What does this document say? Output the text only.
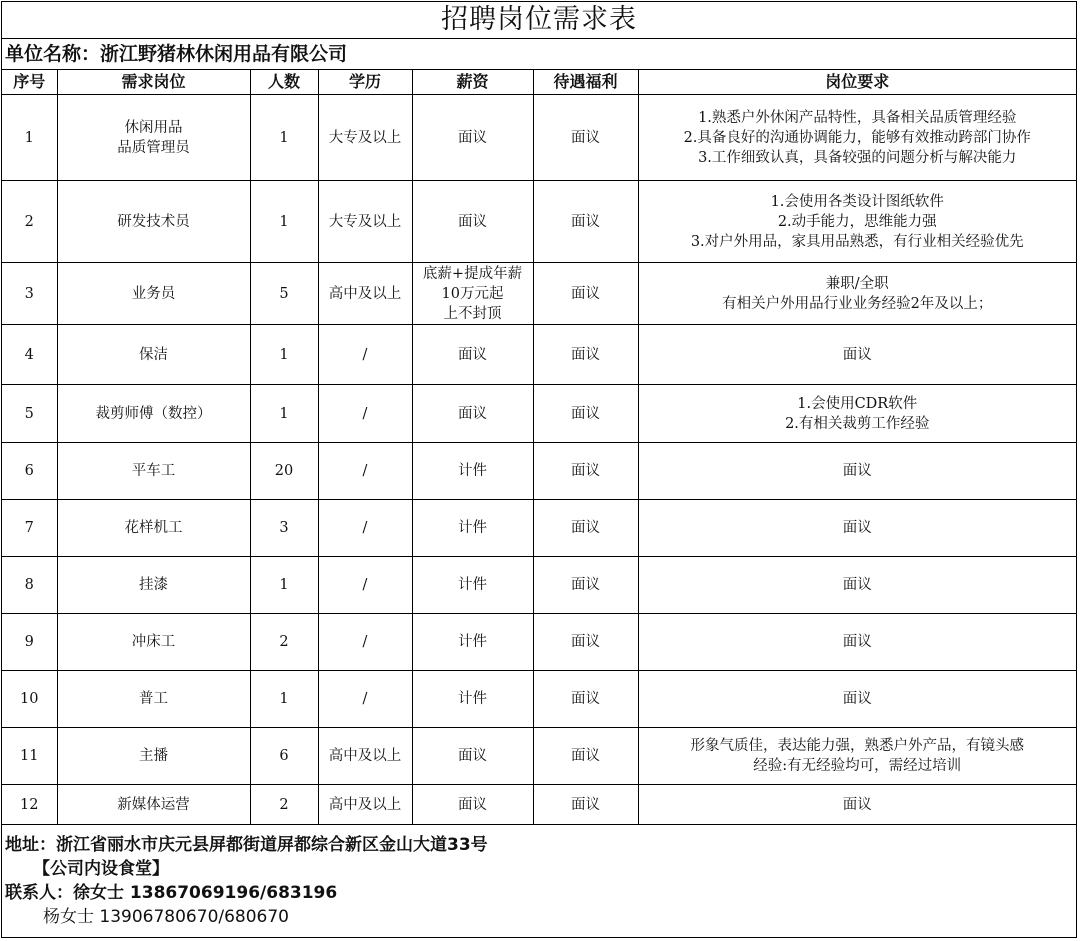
招聘岗位需求表
单位名称：浙江野猪林休闲用品有限公司
序号	需求岗位	人数	学历	薪资	待遇福利	岗位要求
1	休闲用品
品质管理员	1	大专及以上	面议	面议	1.熟悉户外休闲产品特性，具备相关品质管理经验
2.具备良好的沟通协调能力，能够有效推动跨部门协作
3.工作细致认真，具备较强的问题分析与解决能力

2	研发技术员	1	大专及以上	面议	面议	1.会使用各类设计图纸软件
2.动手能力，思维能力强
3.对户外用品，家具用品熟悉，有行业相关经验优先

3	业务员	5	高中及以上	底薪+提成年薪
10万元起
上不封顶	面议	兼职/全职
有相关户外用品行业业务经验2年及以上；

4	保洁	1	/	面议	面议	面议

5	裁剪师傅（数控）	1	/	面议	面议	1.会使用CDR软件
2.有相关裁剪工作经验

6	平车工	20	/	计件	面议	面议

7	花样机工	3	/	计件	面议	面议

8	挂漆	1	/	计件	面议	面议

9	冲床工	2	/	计件	面议	面议

10	普工	1	/	计件	面议	面议

11	主播	6	高中及以上	面议	面议	形象气质佳，表达能力强，熟悉户外产品，有镜头感
经验:有无经验均可，需经过培训

12	新媒体运营	2	高中及以上	面议	面议	面议
地址：浙江省丽水市庆元县屏都街道屏都综合新区金山大道33号
【公司内设食堂】
联系人：徐女士 13867069196/683196
杨女士 13906780670/680670
